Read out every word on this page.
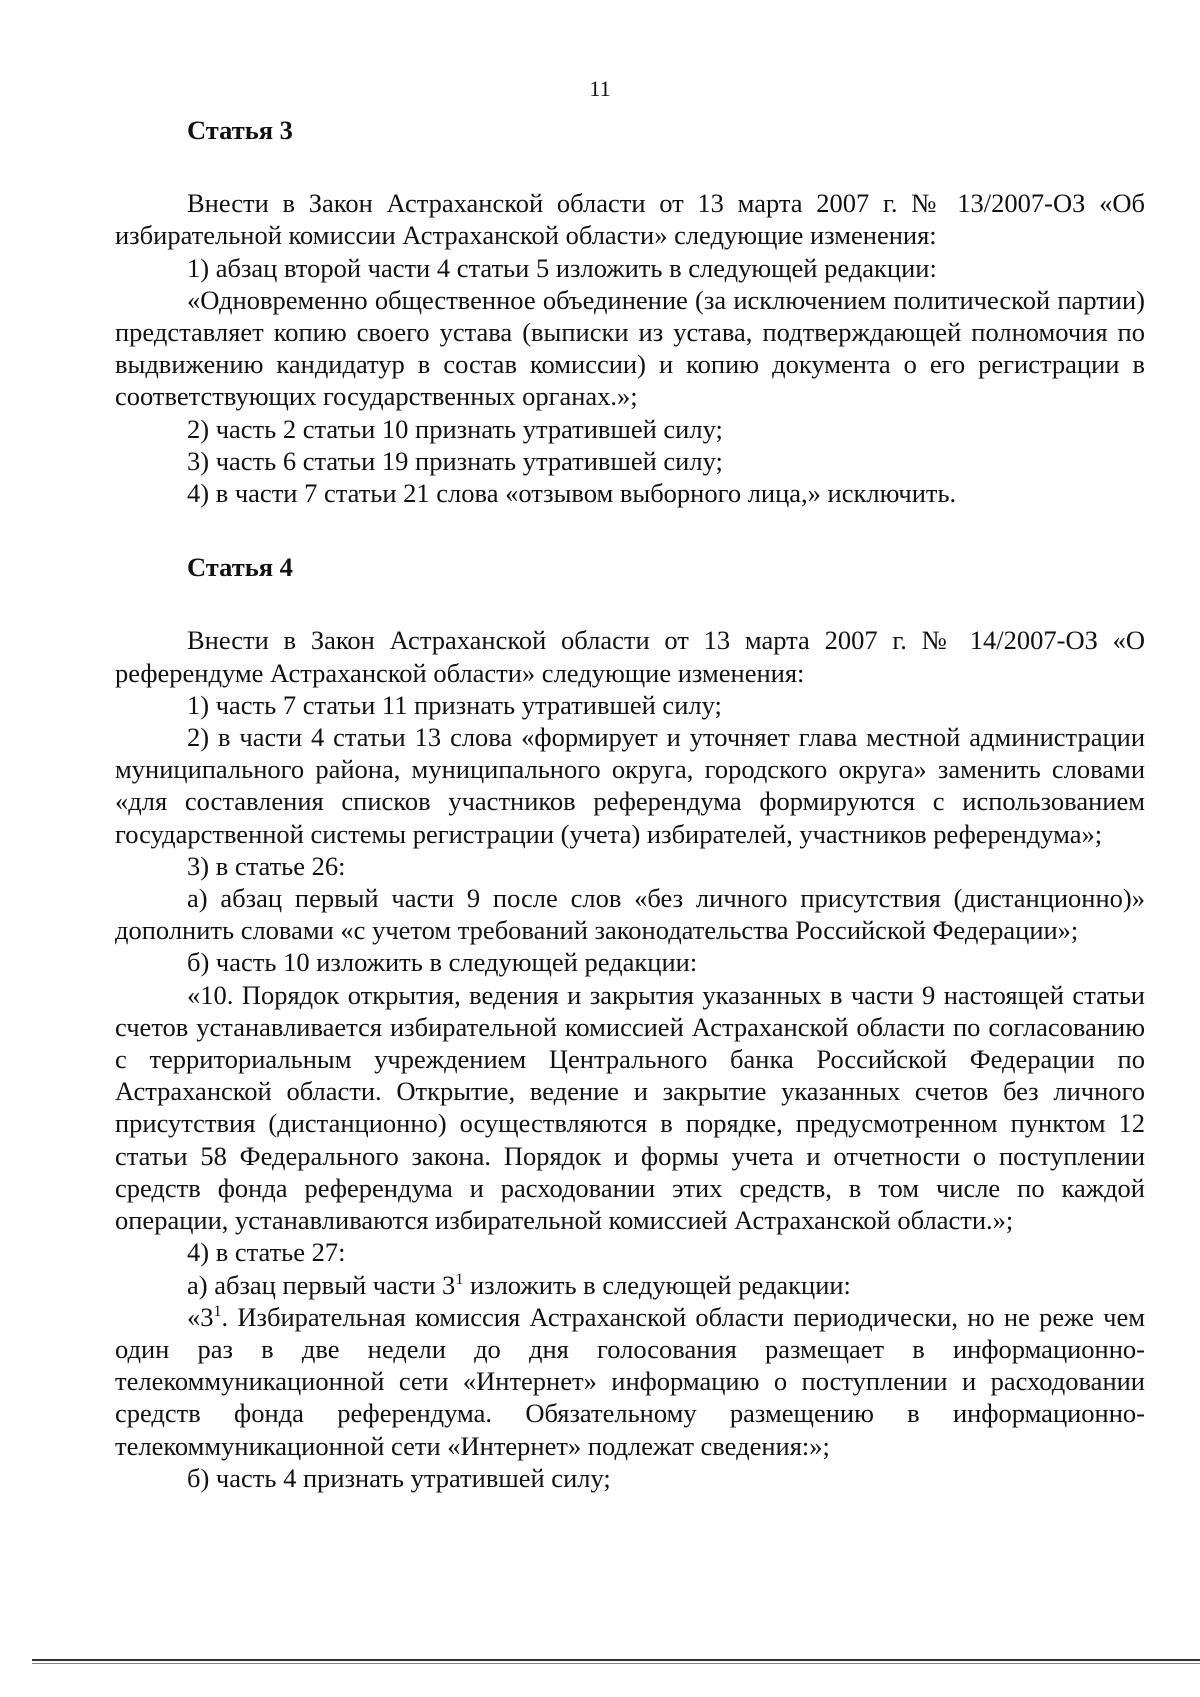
11

Статья 3

Внести в Закон Астраханской области от 13 марта 2007 г. № 13/2007-ОЗ «Об избирательной комиссии Астраханской области» следующие изменения:

1) абзац второй части 4 статьи 5 изложить в следующей редакции:

«Одновременно общественное объединение (за исключением политической партии) представляет копию своего устава (выписки из устава, подтверждающей полномочия по выдвижению кандидатур в состав комиссии) и копию документа о его регистрации в соответствующих государственных органах.»;

2) часть 2 статьи 10 признать утратившей силу;

3) часть 6 статьи 19 признать утратившей силу;

4) в части 7 статьи 21 слова «отзывом выборного лица,» исключить.

Статья 4

Внести в Закон Астраханской области от 13 марта 2007 г. № 14/2007-ОЗ «О референдуме Астраханской области» следующие изменения:

1) часть 7 статьи 11 признать утратившей силу;

2) в части 4 статьи 13 слова «формирует и уточняет глава местной администрации муниципального района, муниципального округа, городского округа» заменить словами «для составления списков участников референдума формируются с использованием государственной системы регистрации (учета) избирателей, участников референдума»;

3) в статье 26:

а) абзац первый части 9 после слов «без личного присутствия (дистанционно)» дополнить словами «с учетом требований законодательства Российской Федерации»;

б) часть 10 изложить в следующей редакции:

«10. Порядок открытия, ведения и закрытия указанных в части 9 настоящей статьи счетов устанавливается избирательной комиссией Астраханской области по согласованию с территориальным учреждением Центрального банка Российской Федерации по Астраханской области. Открытие, ведение и закрытие указанных счетов без личного присутствия (дистанционно) осуществляются в порядке, предусмотренном пунктом 12 статьи 58 Федерального закона. Порядок и формы учета и отчетности о поступлении средств фонда референдума и расходовании этих средств, в том числе по каждой операции, устанавливаются избирательной комиссией Астраханской области.»;

4) в статье 27:

а) абзац первый части $3^1$ изложить в следующей редакции:

«$3^1$. Избирательная комиссия Астраханской области периодически, но не реже чем один раз в две недели до дня голосования размещает в информационно-телекоммуникационной сети «Интернет» информацию о поступлении и расходовании средств фонда референдума. Обязательному размещению в информационно-телекоммуникационной сети «Интернет» подлежат сведения:»;

б) часть 4 признать утратившей силу;
